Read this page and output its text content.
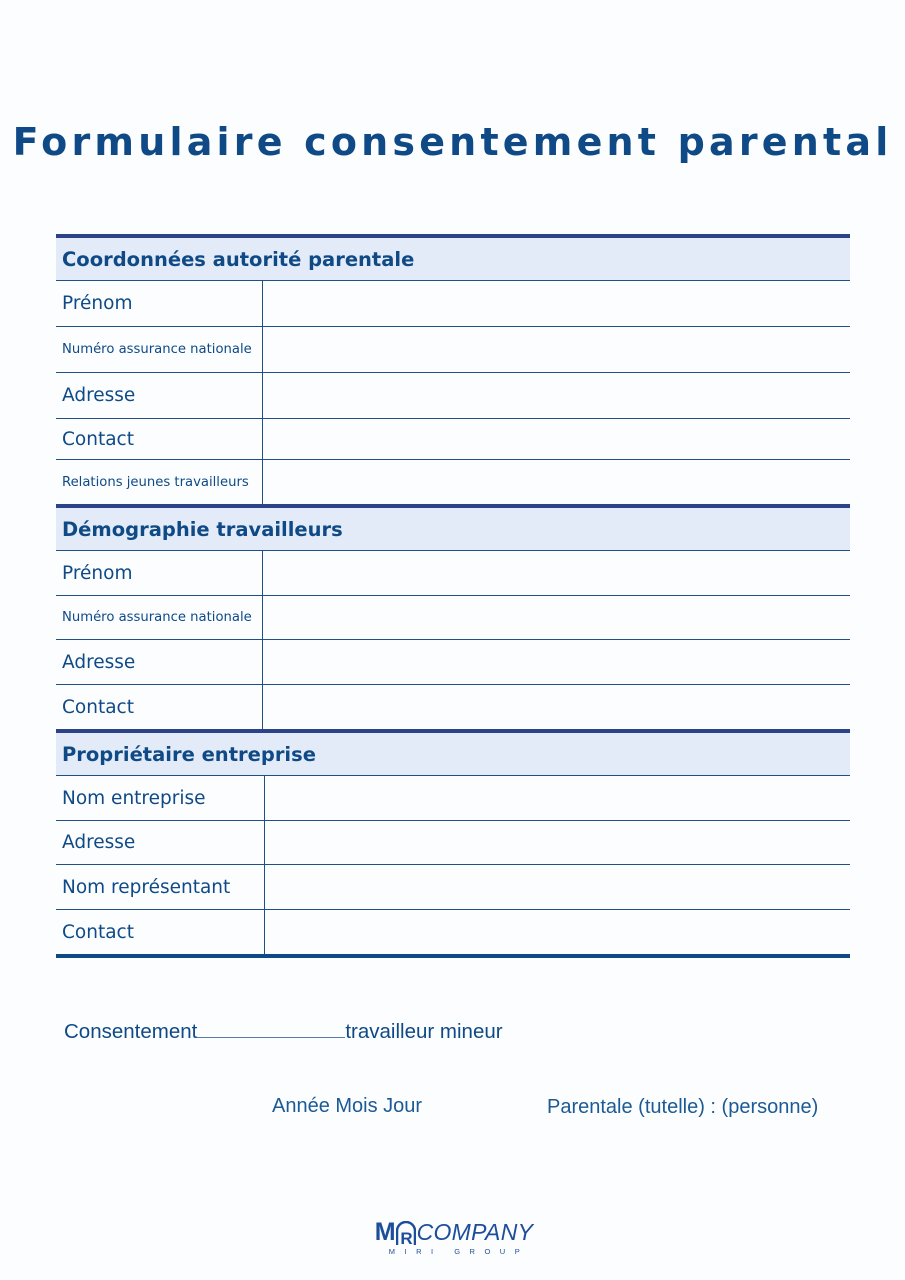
Formulaire consentement parental
Coordonnées autorité parentale
Prénom
Numéro assurance nationale
Adresse
Contact
Relations jeunes travailleurs
Démographie travailleurs
Prénom
Numéro assurance nationale
Adresse
Contact
Propriétaire entreprise
Nom entreprise
Adresse
Nom représentant
Contact
Consentement	travailleur mineur
Année Mois Jour	Parentale (tutelle) : (personne)
M R COMPANY
MIRI GROUP
